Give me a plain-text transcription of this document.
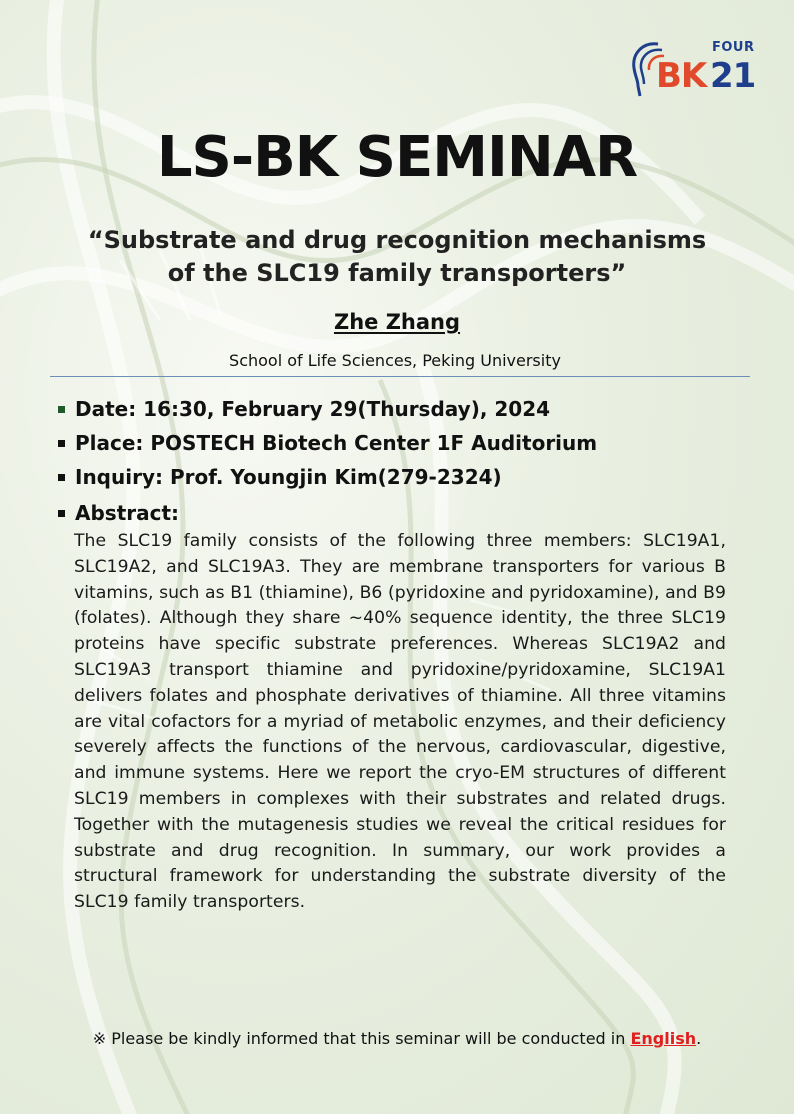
FOUR
BK 21
LS-BK SEMINAR
“Substrate and drug recognition mechanisms
of the SLC19 family transporters”
Zhe Zhang
School of Life Sciences, Peking University
Date: 16:30, February 29(Thursday), 2024
Place: POSTECH Biotech Center 1F Auditorium
Inquiry: Prof. Youngjin Kim(279-2324)
Abstract:
The SLC19 family consists of the following three members: SLC19A1, SLC19A2, and SLC19A3. They are membrane transporters for various B vitamins, such as B1 (thiamine), B6 (pyridoxine and pyridoxamine), and B9 (folates). Although they share ~40% sequence identity, the three SLC19 proteins have specific substrate preferences. Whereas SLC19A2 and SLC19A3 transport thiamine and pyridoxine/pyridoxamine, SLC19A1 delivers folates and phosphate derivatives of thiamine. All three vitamins are vital cofactors for a myriad of metabolic enzymes, and their deficiency severely affects the functions of the nervous, cardiovascular, digestive, and immune systems. Here we report the cryo-EM structures of different SLC19 members in complexes with their substrates and related drugs. Together with the mutagenesis studies we reveal the critical residues for substrate and drug recognition. In summary, our work provides a structural framework for understanding the substrate diversity of the SLC19 family transporters.
※ Please be kindly informed that this seminar will be conducted in English.
